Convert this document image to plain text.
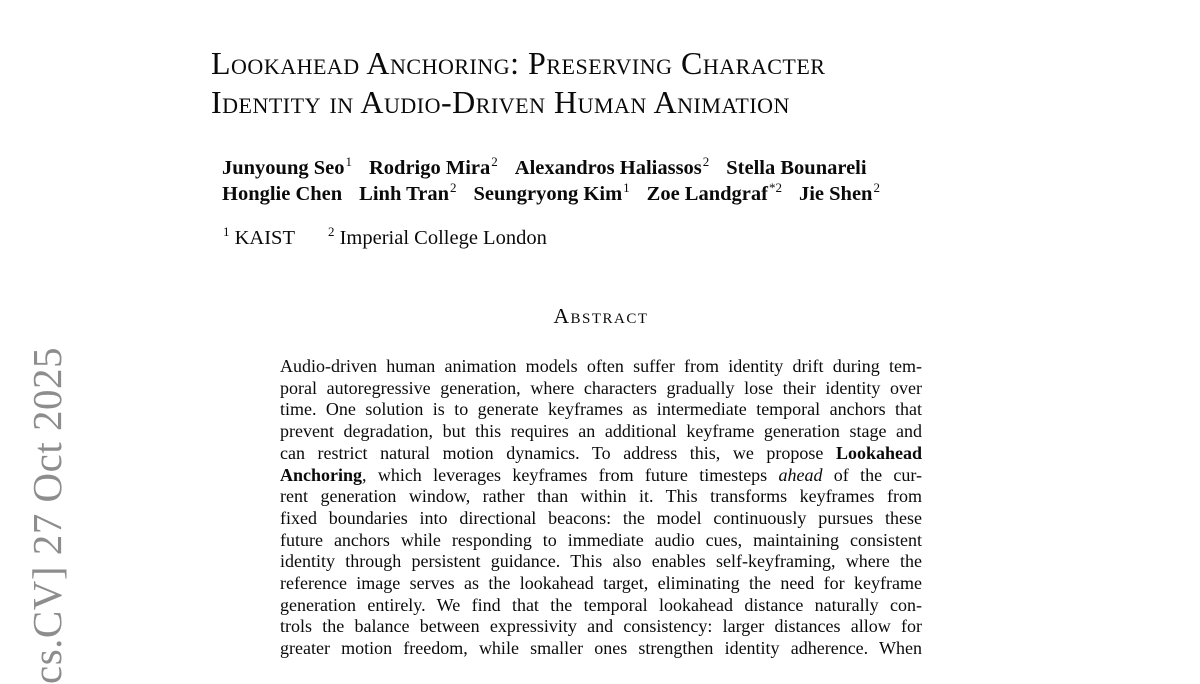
cs.CV] 27 Oct 2025
Lookahead Anchoring: Preserving Character
Identity in Audio-Driven Human Animation
Junyoung Seo$^1$ Rodrigo Mira$^2$ Alexandros Haliassos$^2$ Stella Bounareli
Honglie Chen Linh Tran$^2$ Seungryong Kim$^1$ Zoe Landgraf$^{*2}$ Jie Shen$^2$
$^1$ KAIST	$^2$ Imperial College London
Abstract
Audio-driven human animation models often suffer from identity drift during tem-
poral autoregressive generation, where characters gradually lose their identity over
time. One solution is to generate keyframes as intermediate temporal anchors that
prevent degradation, but this requires an additional keyframe generation stage and
can restrict natural motion dynamics. To address this, we propose Lookahead
Anchoring, which leverages keyframes from future timesteps ahead of the cur-
rent generation window, rather than within it. This transforms keyframes from
fixed boundaries into directional beacons: the model continuously pursues these
future anchors while responding to immediate audio cues, maintaining consistent
identity through persistent guidance. This also enables self-keyframing, where the
reference image serves as the lookahead target, eliminating the need for keyframe
generation entirely. We find that the temporal lookahead distance naturally con-
trols the balance between expressivity and consistency: larger distances allow for
greater motion freedom, while smaller ones strengthen identity adherence. When
